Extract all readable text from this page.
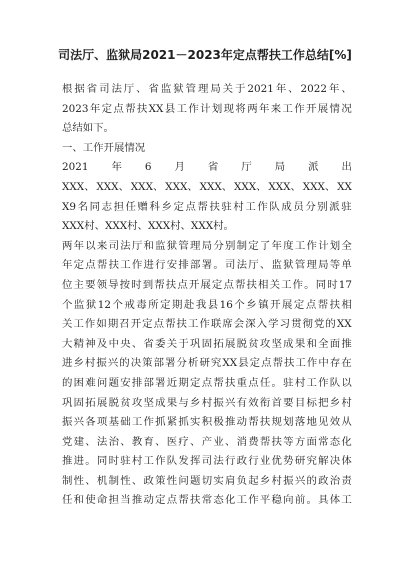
司法厅、监狱局2021－2023年定点帮扶工作总结[%]
根 据 省 司 法 厅 、 省 监 狱 管 理 局 关 于 2021 年 、 2022 年 、
2023 年 定 点 帮 扶 XX 县 工 作 计 划 现 将 两 年 来 工 作 开 展 情 况
总结如下。
一、工作开展情况
2021 年 6 月 省 厅 局 派 出
XXX、 XXX、 XXX、 XXX、 XXX、 XXX、 XXX、 XXX、 XX
X9 名 同 志 担 任 赠 科 乡 定 点 帮 扶 驻 村 工 作 队 成 员 分 别 派 驻
XXX村、XXX村、XXX村、XXX村。
两 年 以 来 司 法 厅 和 监 狱 管 理 局 分 别 制 定 了 年 度 工 作 计 划 全
年 定 点 帮 扶 工 作 进 行 安 排 部 署 。 司 法 厅 、 监 狱 管 理 局 等 单
位 主 要 领 导 按 时 到 帮 扶 点 开 展 定 点 帮 扶 相 关 工 作 。 同 时 17
个 监 狱 12 个 戒 毒 所 定 期 赴 我 县 16 个 乡 镇 开 展 定 点 帮 扶 相
关 工 作 如 期 召 开 定 点 帮 扶 工 作 联 席 会 深 入 学 习 贯 彻 党 的 XX
大 精 神 及 中 央 、 省 委 关 于 巩 固 拓 展 脱 贫 攻 坚 成 果 和 全 面 推
进 乡 村 振 兴 的 决 策 部 署 分 析 研 究 XX 县 定 点 帮 扶 工 作 中 存 在
的 困 难 问 题 安 排 部 署 近 期 定 点 帮 扶 重 点 任 。 驻 村 工 作 队 以
巩 固 拓 展 脱 贫 攻 坚 成 果 与 乡 村 振 兴 有 效 衔 首 要 目 标 把 乡 村
振 兴 各 项 基 础 工 作 抓 紧 抓 实 积 极 推 动 帮 扶 规 划 落 地 见 效 从
党 建 、 法 治 、 教 育 、 医 疗 、 产 业 、 消 费 帮 扶 等 方 面 常 态 化
推 进 。 同 时 驻 村 工 作 队 发 挥 司 法 行 政 行 业 优 势 研 究 解 决 体
制 性 、 机 制 性 、 政 策 性 问 题 切 实 肩 负 起 乡 村 振 兴 的 政 治 责
任 和 使 命 担 当 推 动 定 点 帮 扶 常 态 化 工 作 平 稳 向 前 。 具 体 工
